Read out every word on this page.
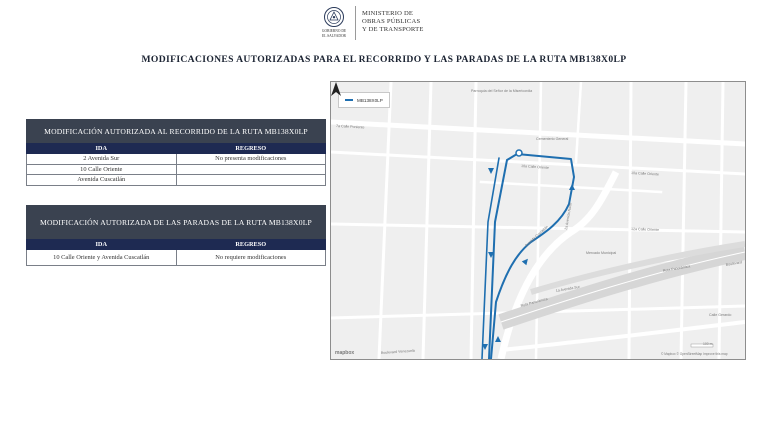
GOBIERNO DE
EL SALVADOR
MINISTERIO DE
OBRAS PÚBLICAS
Y DE TRANSPORTE
MODIFICACIONES AUTORIZADAS PARA EL RECORRIDO Y LAS PARADAS DE LA RUTA MB138X0LP
MODIFICACIÓN AUTORIZADA AL RECORRIDO DE LA RUTA MB138X0LP	
IDA	REGRESO
2 Avenida Sur	No presenta modificaciones
10 Calle Oriente	
Avenida Cuscatlán	
MODIFICACIÓN AUTORIZADA DE LAS PARADAS DE LA RUTA MB138X0LP	
IDA	REGRESO
10 Calle Oriente y Avenida Cuscatlán	No requiere modificaciones
Parroquia del Señor de la Misericordia
Cementerio General
7a Calle Poniente
10a Calle Oriente
10a Calle Oriente
2a Avenida Norte
Avenida Cuscatlán	12a Calle Oriente
Mercado Municipal
1a Avenida Sur
Ruta Panorámica
Ruta Panorámica
Boulevard Venezuela
Calle Gerardo
Boulevard
100 m
© Mapbox © OpenStreetMap Improve this map
mapbox
MB138X0LP
